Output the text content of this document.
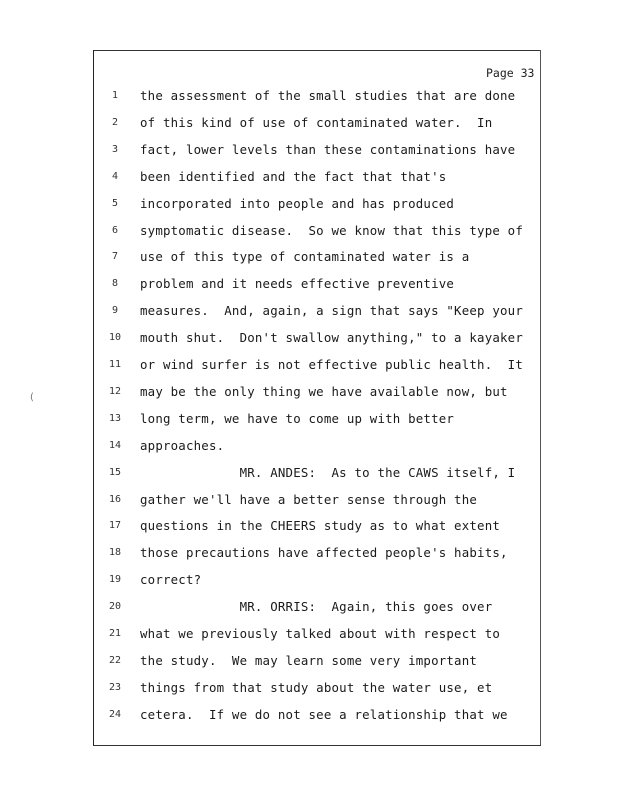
Page 33
1	the assessment of the small studies that are done
2	of this kind of use of contaminated water.  In
3	fact, lower levels than these contaminations have
4	been identified and the fact that that's
5	incorporated into people and has produced
6	symptomatic disease.  So we know that this type of
7	use of this type of contaminated water is a
8	problem and it needs effective preventive
9	measures.  And, again, a sign that says "Keep your
10	mouth shut.  Don't swallow anything," to a kayaker
11	or wind surfer is not effective public health.  It
12	may be the only thing we have available now, but
13	long term, we have to come up with better
14	approaches.
15	MR. ANDES:  As to the CAWS itself, I
16	gather we'll have a better sense through the
17	questions in the CHEERS study as to what extent
18	those precautions have affected people's habits,
19	correct?
20	MR. ORRIS:  Again, this goes over
21	what we previously talked about with respect to
22	the study.  We may learn some very important
23	things from that study about the water use, et
24	cetera.  If we do not see a relationship that we
(
